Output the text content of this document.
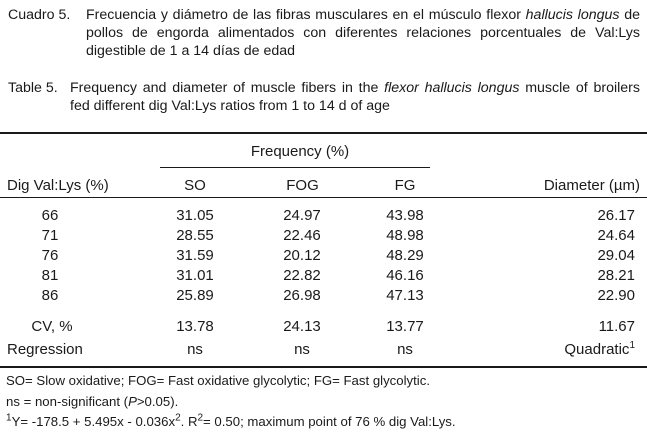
Cuadro 5.	Frecuencia y diámetro de las fibras musculares en el músculo flexor hallucis longus de pollos de engorda alimentados con diferentes relaciones porcentuales de Val:Lys digestible de 1 a 14 días de edad
Table 5. Frequency and diameter of muscle fibers in the flexor hallucis longus muscle of broilers fed different dig Val:Lys ratios from 1 to 14 d of age
Frequency (%)
Dig Val:Lys (%)	SO	FOG	FG	Diameter (µm)
66	31.05	24.97	43.98	26.17
71	28.55	22.46	48.98	24.64
76	31.59	20.12	48.29	29.04
81	31.01	22.82	46.16	28.21
86	25.89	26.98	47.13	22.90
CV, %	13.78	24.13	13.77	11.67
Regression	ns	ns	ns	Quadratic$^1$
SO= Slow oxidative; FOG= Fast oxidative glycolytic; FG= Fast glycolytic.
ns = non-significant (P>0.05).
$^1Y= -178.5 + 5.495x - 0.036x^2$. $R^2= 0.50$; maximum point of 76 % dig Val:Lys.
